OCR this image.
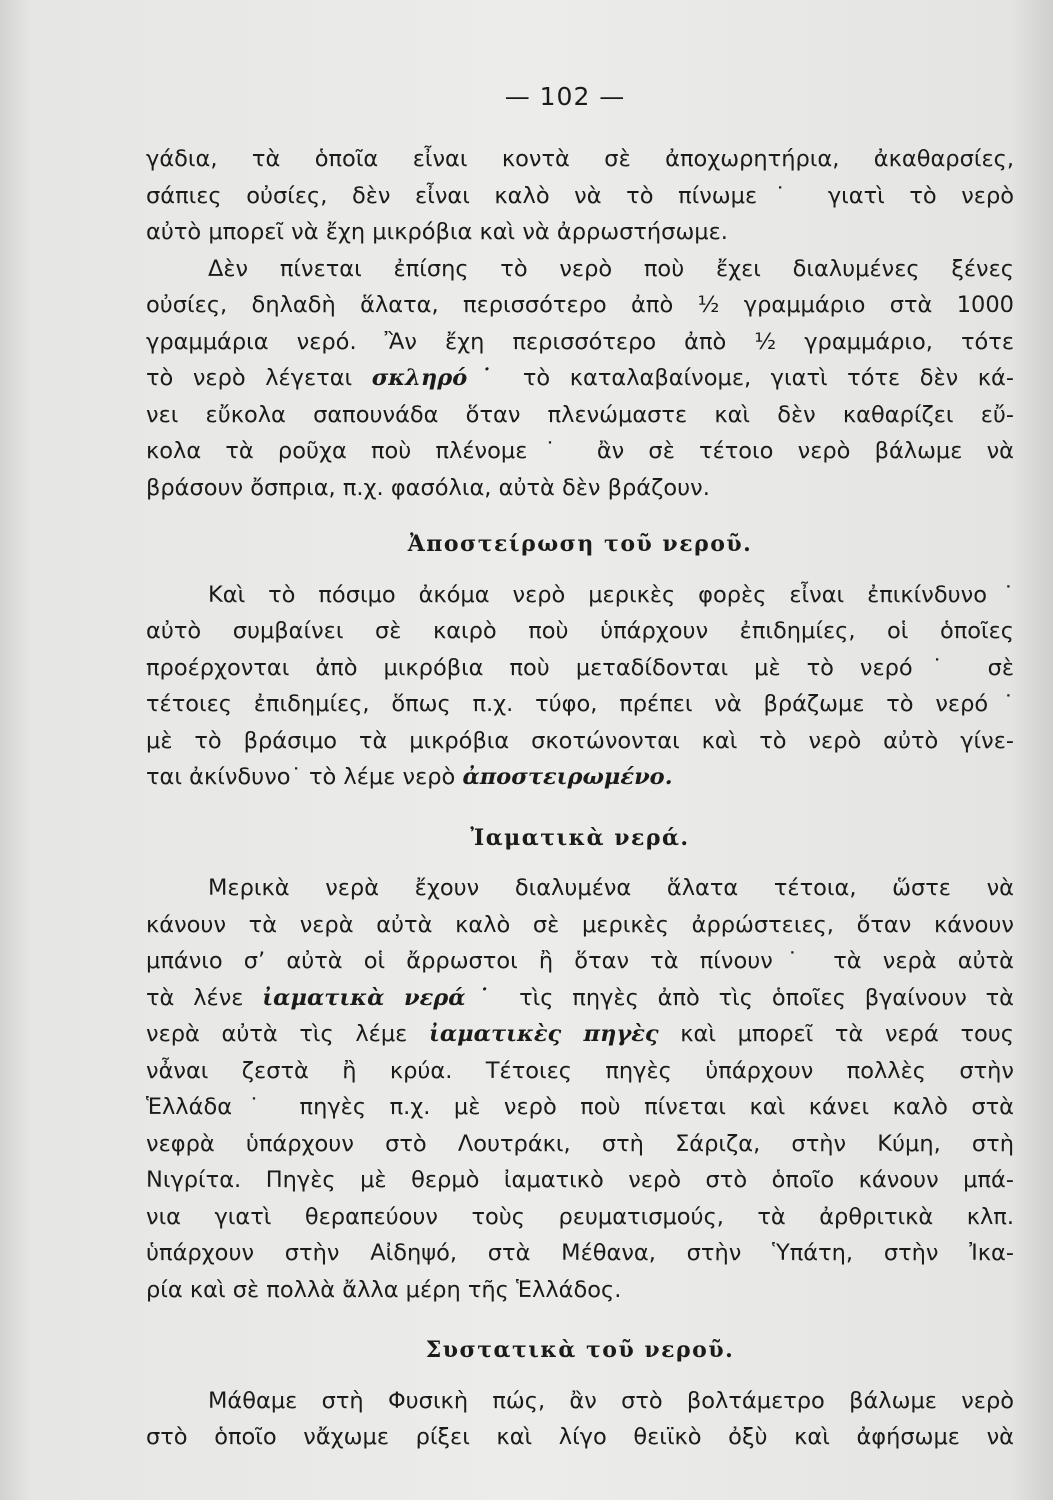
— 102 —
γάδια, τὰ ὁποῖα εἶναι κοντὰ σὲ ἀποχωρητήρια, ἀκαθαρσίες,
σάπιες οὐσίες, δὲν εἶναι καλὸ νὰ τὸ πίνωμε˙ γιατὶ τὸ νερὸ
αὐτὸ μπορεῖ νὰ ἔχη μικρόβια καὶ νὰ ἀρρωστήσωμε.
Δὲν πίνεται ἐπίσης τὸ νερὸ ποὺ ἔχει διαλυμένες ξένες
οὐσίες, δηλαδὴ ἅλατα, περισσότερο ἀπὸ ½ γραμμάριο στὰ 1000
γραμμάρια νερό. Ἂν ἔχη περισσότερο ἀπὸ ½ γραμμάριο, τότε
τὸ νερὸ λέγεται σκληρό˙ τὸ καταλαβαίνομε, γιατὶ τότε δὲν κά-
νει εὔκολα σαπουνάδα ὅταν πλενώμαστε καὶ δὲν καθαρίζει εὔ-
κολα τὰ ροῦχα ποὺ πλένομε˙ ἂν σὲ τέτοιο νερὸ βάλωμε νὰ
βράσουν ὄσπρια, π.χ. φασόλια, αὐτὰ δὲν βράζουν.
Ἀποστείρωση τοῦ νεροῦ.
Καὶ τὸ πόσιμο ἀκόμα νερὸ μερικὲς φορὲς εἶναι ἐπικίνδυνο˙
αὐτὸ συμβαίνει σὲ καιρὸ ποὺ ὑπάρχουν ἐπιδημίες, οἱ ὁποῖες
προέρχονται ἀπὸ μικρόβια ποὺ μεταδίδονται μὲ τὸ νερό˙ σὲ
τέτοιες ἐπιδημίες, ὅπως π.χ. τύφο, πρέπει νὰ βράζωμε τὸ νερό˙
μὲ τὸ βράσιμο τὰ μικρόβια σκοτώνονται καὶ τὸ νερὸ αὐτὸ γίνε-
ται ἀκίνδυνο˙ τὸ λέμε νερὸ ἀποστειρωμένο.
Ἰαματικὰ νερά.
Μερικὰ νερὰ ἔχουν διαλυμένα ἅλατα τέτοια, ὥστε νὰ
κάνουν τὰ νερὰ αὐτὰ καλὸ σὲ μερικὲς ἀρρώστειες, ὅταν κάνουν
μπάνιο σ’ αὐτὰ οἱ ἄρρωστοι ἢ ὅταν τὰ πίνουν˙ τὰ νερὰ αὐτὰ
τὰ λένε ἰαματικὰ νερά˙ τὶς πηγὲς ἀπὸ τὶς ὁποῖες βγαίνουν τὰ
νερὰ αὐτὰ τὶς λέμε ἰαματικὲς πηγὲς καὶ μπορεῖ τὰ νερά τους
νἆναι ζεστὰ ἢ κρύα. Τέτοιες πηγὲς ὑπάρχουν πολλὲς στὴν
Ἑλλάδα˙ πηγὲς π.χ. μὲ νερὸ ποὺ πίνεται καὶ κάνει καλὸ στὰ
νεφρὰ ὑπάρχουν στὸ Λουτράκι, στὴ Σάριζα, στὴν Κύμη, στὴ
Νιγρίτα. Πηγὲς μὲ θερμὸ ἰαματικὸ νερὸ στὸ ὁποῖο κάνουν μπά-
νια γιατὶ θεραπεύουν τοὺς ρευματισμούς, τὰ ἀρθριτικὰ κλπ.
ὑπάρχουν στὴν Αἰδηψό, στὰ Μέθανα, στὴν Ὑπάτη, στὴν Ἰκα-
ρία καὶ σὲ πολλὰ ἄλλα μέρη τῆς Ἑλλάδος.
Συστατικὰ τοῦ νεροῦ.
Μάθαμε στὴ Φυσικὴ πώς, ἂν στὸ βολτάμετρο βάλωμε νερὸ
στὸ ὁποῖο νἄχωμε ρίξει καὶ λίγο θειϊκὸ ὀξὺ καὶ ἀφήσωμε νὰ
